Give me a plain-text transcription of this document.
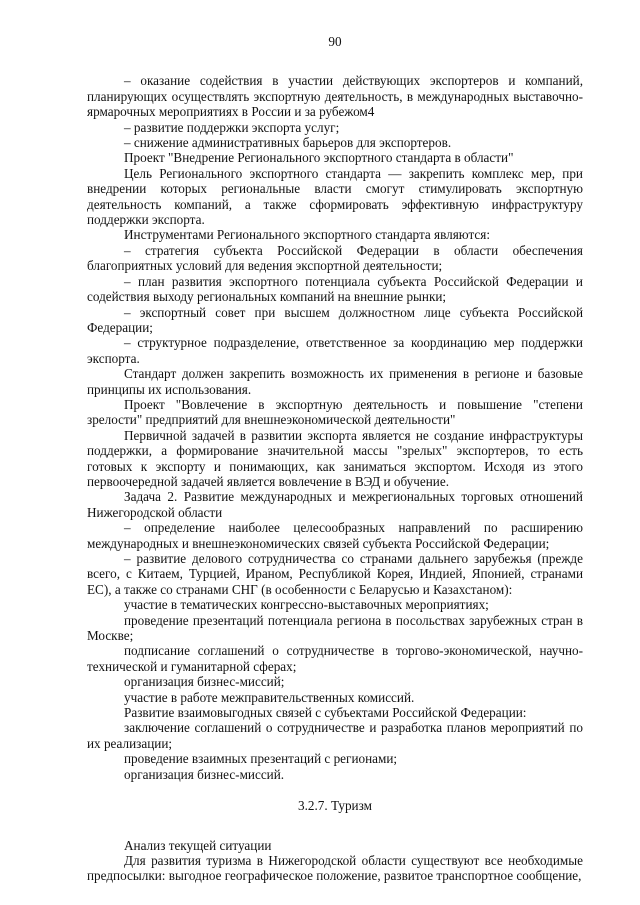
90

– оказание содействия в участии действующих экспортеров и компаний, планирующих осуществлять экспортную деятельность, в международных выставочно-ярмарочных мероприятиях в России и за рубежом4

– развитие поддержки экспорта услуг;

– снижение административных барьеров для экспортеров.

Проект "Внедрение Регионального экспортного стандарта в области"

Цель Регионального экспортного стандарта — закрепить комплекс мер, при внедрении которых региональные власти смогут стимулировать экспортную деятельность компаний, а также сформировать эффективную инфраструктуру поддержки экспорта.

Инструментами Регионального экспортного стандарта являются:

– стратегия субъекта Российской Федерации в области обеспечения благоприятных условий для ведения экспортной деятельности;

– план развития экспортного потенциала субъекта Российской Федерации и содействия выходу региональных компаний на внешние рынки;

– экспортный совет при высшем должностном лице субъекта Российской Федерации;

– структурное подразделение, ответственное за координацию мер поддержки экспорта.

Стандарт должен закрепить возможность их применения в регионе и базовые принципы их использования.

Проект "Вовлечение в экспортную деятельность и повышение "степени зрелости" предприятий для внешнеэкономической деятельности"

Первичной задачей в развитии экспорта является не создание инфраструктуры поддержки, а формирование значительной массы "зрелых" экспортеров, то есть готовых к экспорту и понимающих, как заниматься экспортом. Исходя из этого первоочередной задачей является вовлечение в ВЭД и обучение.

Задача 2. Развитие международных и межрегиональных торговых отношений Нижегородской области

– определение наиболее целесообразных направлений по расширению международных и внешнеэкономических связей субъекта Российской Федерации;

– развитие делового сотрудничества со странами дальнего зарубежья (прежде всего, с Китаем, Турцией, Ираном, Республикой Корея, Индией, Японией, странами ЕС), а также со странами СНГ (в особенности с Беларусью и Казахстаном):

участие в тематических конгрессно-выставочных мероприятиях;

проведение презентаций потенциала региона в посольствах зарубежных стран в Москве;

подписание соглашений о сотрудничестве в торгово-экономической, научно-технической и гуманитарной сферах;

организация бизнес-миссий;

участие в работе межправительственных комиссий.

Развитие взаимовыгодных связей с субъектами Российской Федерации:

заключение соглашений о сотрудничестве и разработка планов мероприятий по их реализации;

проведение взаимных презентаций с регионами;

организация бизнес-миссий.

3.2.7. Туризм

Анализ текущей ситуации

Для развития туризма в Нижегородской области существуют все необходимые предпосылки: выгодное географическое положение, развитое транспортное сообщение,
